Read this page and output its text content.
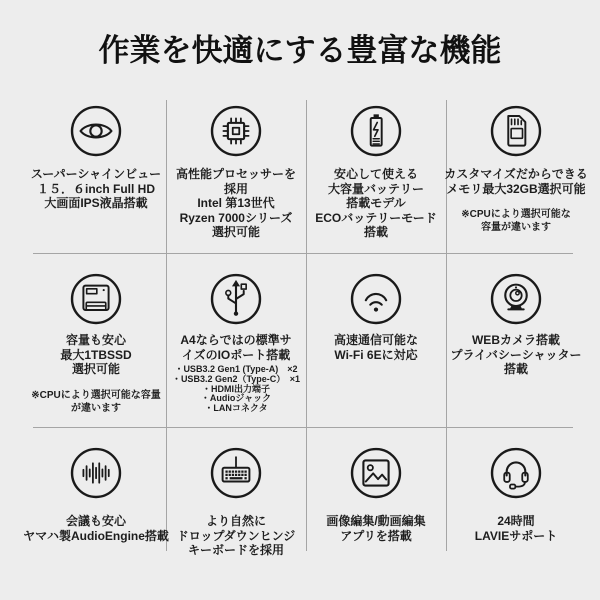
作業を快適にする豊富な機能
スーパーシャインビュー
１５．６inch Full HD
大画面IPS液晶搭載
高性能プロセッサーを
採用
Intel 第13世代
Ryzen 7000シリーズ
選択可能
安心して使える
大容量バッテリー
搭載モデル
ECOバッテリーモード
搭載
カスタマイズだからできる
メモリ最大32GB選択可能
※CPUにより選択可能な
容量が違います
容量も安心
最大1TBSSD
選択可能
※CPUにより選択可能な容量
が違います
A4ならではの標準サ
イズのIOポート搭載
・USB3.2 Gen1 (Type-A)　×2
・USB3.2 Gen2（Type-C）　×1
・HDMI出力端子
・Audioジャック
・LANコネクタ
高速通信可能な
Wi-Fi 6Eに対応
WEBカメラ搭載
プライバシーシャッター
搭載
会議も安心
ヤマハ製AudioEngine搭載
より自然に
ドロップダウンヒンジ
キーボードを採用
画像編集/動画編集
アプリを搭載
24時間
LAVIEサポート
